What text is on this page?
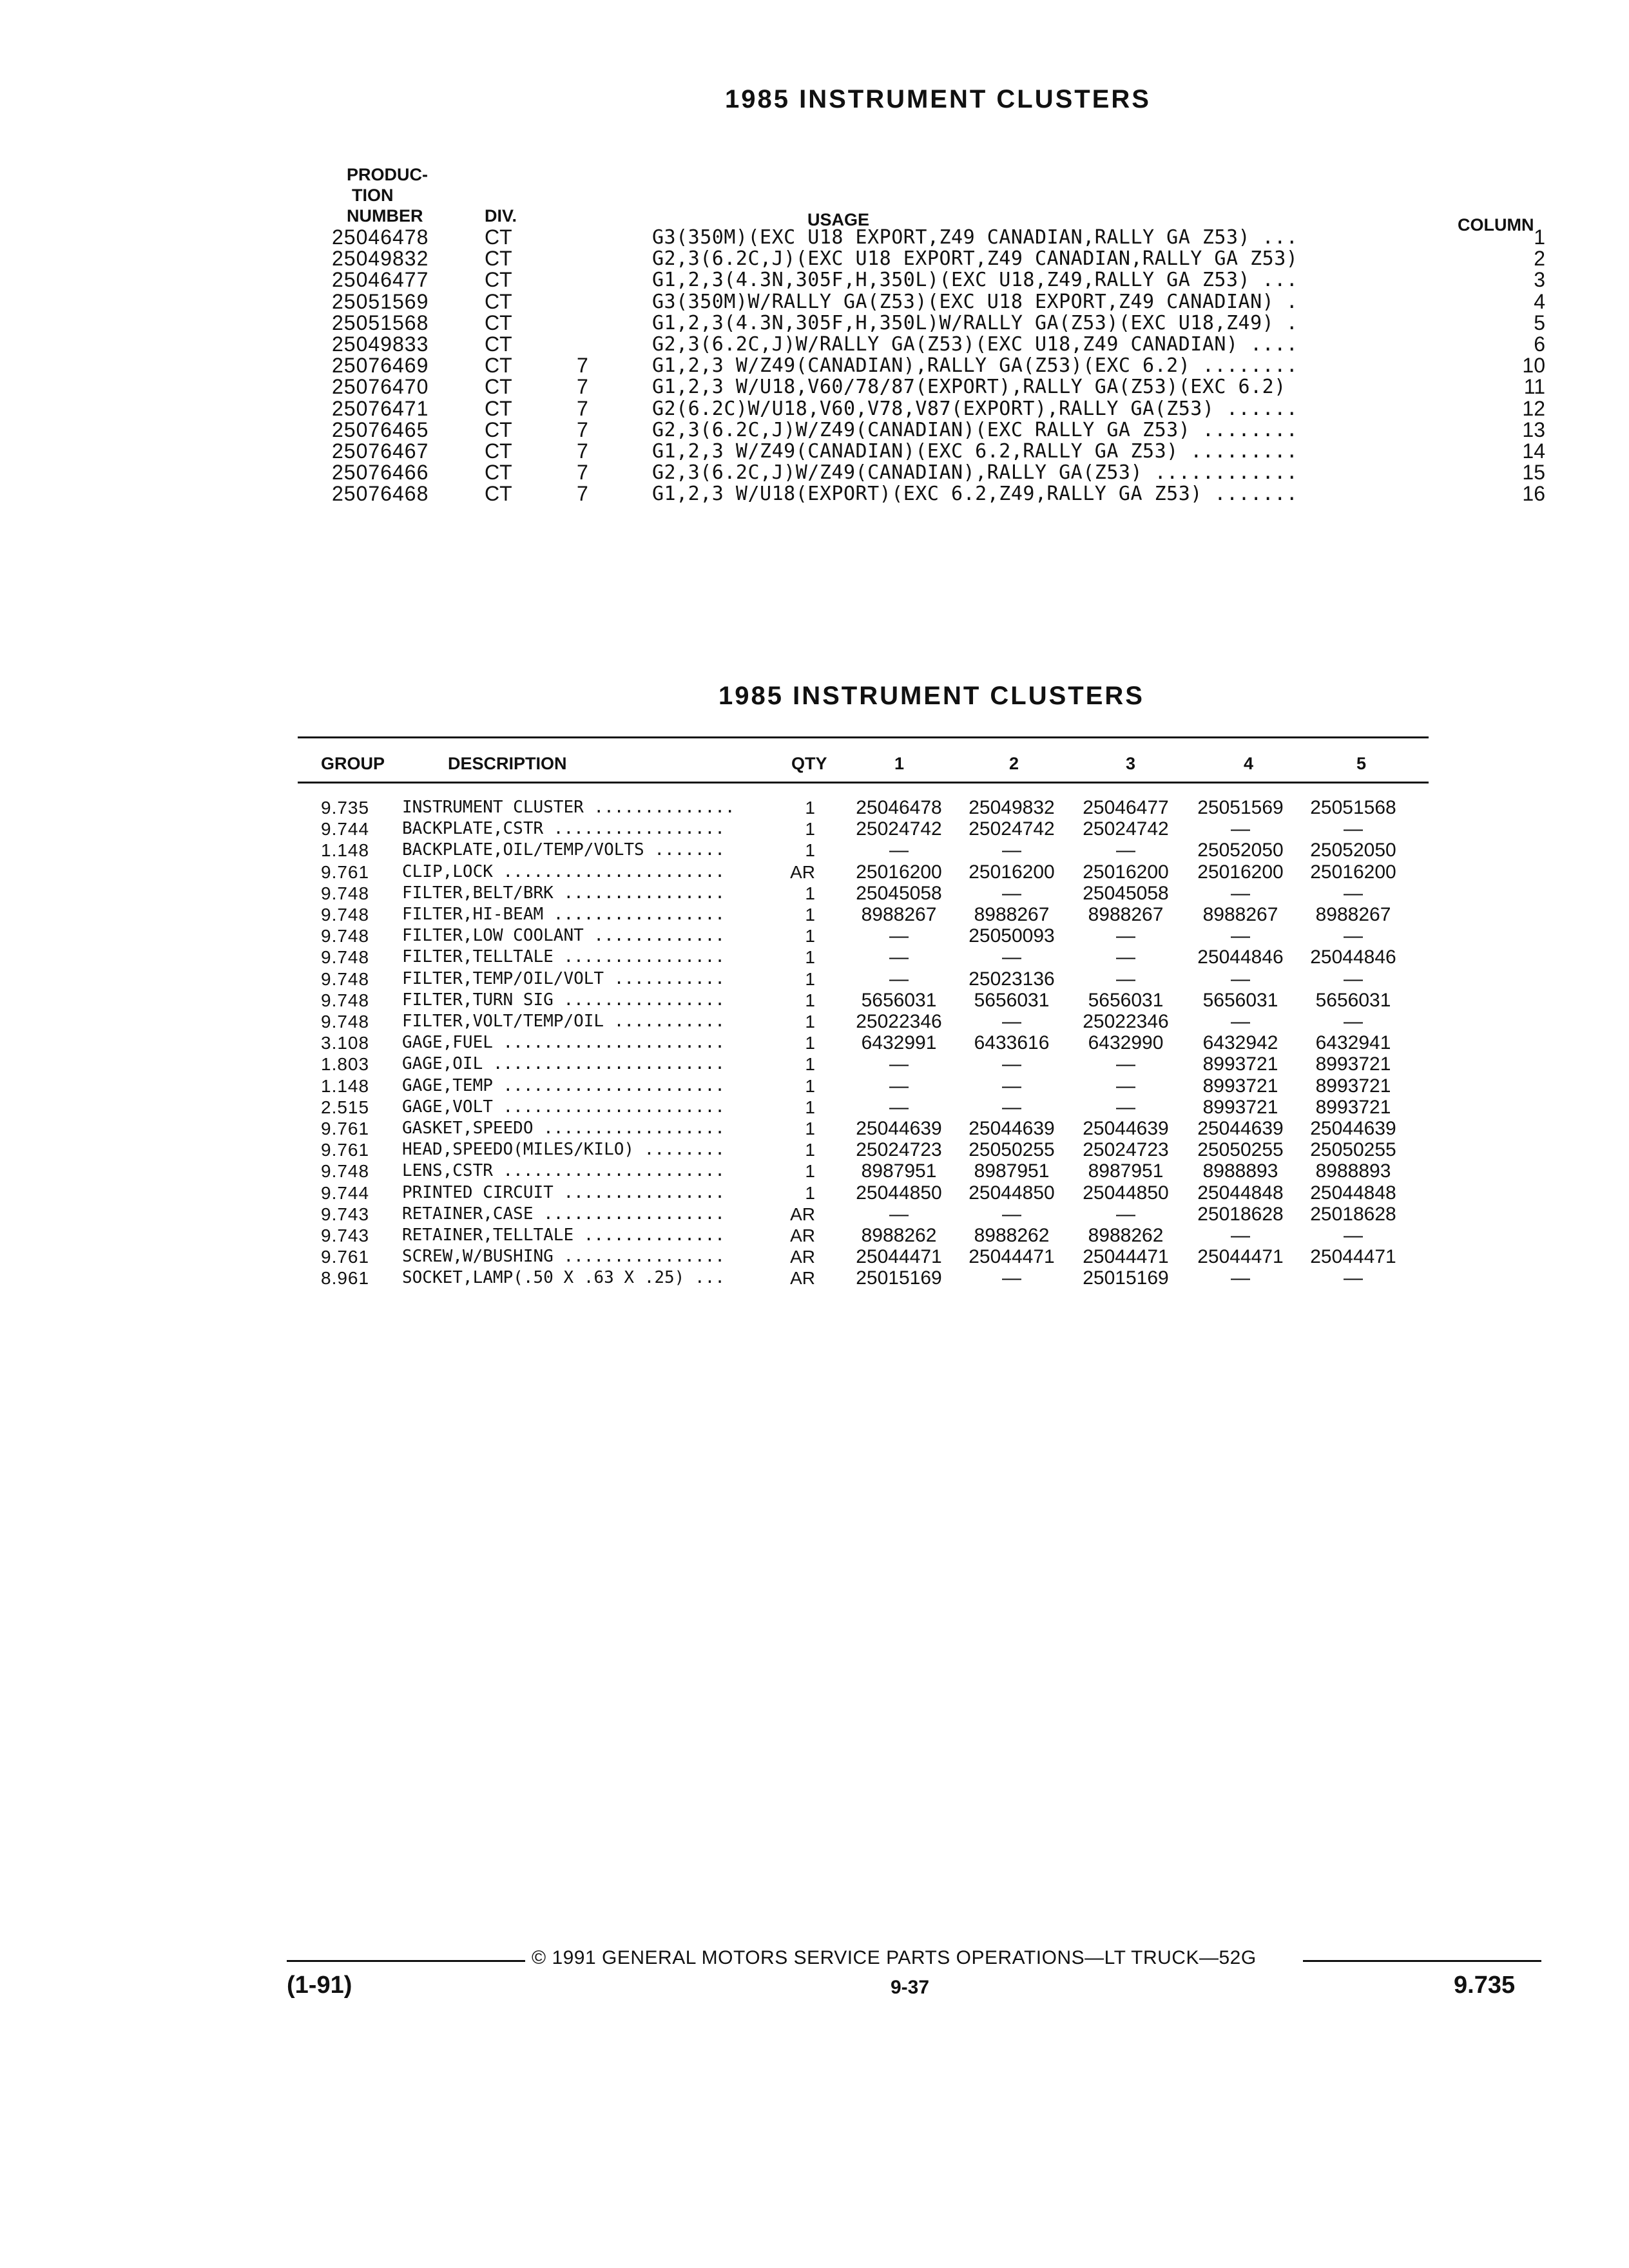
1985 INSTRUMENT CLUSTERS
PRODUC-
TION
NUMBER	DIV.	USAGE	COLUMN
25046478	CT	G3(350M)(EXC U18 EXPORT,Z49 CANADIAN,RALLY GA Z53) ...	1
25049832	CT	G2,3(6.2C,J)(EXC U18 EXPORT,Z49 CANADIAN,RALLY GA Z53)	2
25046477	CT	G1,2,3(4.3N,305F,H,350L)(EXC U18,Z49,RALLY GA Z53) ...	3
25051569	CT	G3(350M)W/RALLY GA(Z53)(EXC U18 EXPORT,Z49 CANADIAN) .	4
25051568	CT	G1,2,3(4.3N,305F,H,350L)W/RALLY GA(Z53)(EXC U18,Z49) .	5
25049833	CT	G2,3(6.2C,J)W/RALLY GA(Z53)(EXC U18,Z49 CANADIAN) ....	6
25076469	CT	7	G1,2,3 W/Z49(CANADIAN),RALLY GA(Z53)(EXC 6.2) ........	10
25076470	CT	7	G1,2,3 W/U18,V60/78/87(EXPORT),RALLY GA(Z53)(EXC 6.2)	11
25076471	CT	7	G2(6.2C)W/U18,V60,V78,V87(EXPORT),RALLY GA(Z53) ......	12
25076465	CT	7	G2,3(6.2C,J)W/Z49(CANADIAN)(EXC RALLY GA Z53) ........	13
25076467	CT	7	G1,2,3 W/Z49(CANADIAN)(EXC 6.2,RALLY GA Z53) .........	14
25076466	CT	7	G2,3(6.2C,J)W/Z49(CANADIAN),RALLY GA(Z53) ............	15
25076468	CT	7	G1,2,3 W/U18(EXPORT)(EXC 6.2,Z49,RALLY GA Z53) .......	16
1985 INSTRUMENT CLUSTERS
GROUP	DESCRIPTION	QTY	1	2	3	4	5
9.735 INSTRUMENT CLUSTER ..............	1	25046478	25049832	25046477	25051569	25051568
9.744 BACKPLATE,CSTR .................	1	25024742	25024742	25024742	—	—
1.148 BACKPLATE,OIL/TEMP/VOLTS .......	1	—	—	—	25052050	25052050
9.761 CLIP,LOCK ......................	AR	25016200	25016200	25016200	25016200	25016200
9.748 FILTER,BELT/BRK ................	1	25045058	—	25045058	—	—
9.748 FILTER,HI-BEAM .................	1	8988267	8988267	8988267	8988267	8988267
9.748 FILTER,LOW COOLANT .............	1	—	25050093	—	—	—
9.748 FILTER,TELLTALE ................	1	—	—	—	25044846	25044846
9.748 FILTER,TEMP/OIL/VOLT ...........	1	—	25023136	—	—	—
9.748 FILTER,TURN SIG ................	1	5656031	5656031	5656031	5656031	5656031
9.748 FILTER,VOLT/TEMP/OIL ...........	1	25022346	—	25022346	—	—
3.108 GAGE,FUEL ......................	1	6432991	6433616	6432990	6432942	6432941
1.803 GAGE,OIL .......................	1	—	—	—	8993721	8993721
1.148 GAGE,TEMP ......................	1	—	—	—	8993721	8993721
2.515 GAGE,VOLT ......................	1	—	—	—	8993721	8993721
9.761 GASKET,SPEEDO ..................	1	25044639	25044639	25044639	25044639	25044639
9.761 HEAD,SPEEDO(MILES/KILO) ........	1	25024723	25050255	25024723	25050255	25050255
9.748 LENS,CSTR ......................	1	8987951	8987951	8987951	8988893	8988893
9.744 PRINTED CIRCUIT ................	1	25044850	25044850	25044850	25044848	25044848
9.743 RETAINER,CASE ..................	AR	—	—	—	25018628	25018628
9.743 RETAINER,TELLTALE ..............	AR	8988262	8988262	8988262	—	—
9.761 SCREW,W/BUSHING ................	AR	25044471	25044471	25044471	25044471	25044471
8.961 SOCKET,LAMP(.50 X .63 X .25) ...	AR	25015169	—	25015169	—	—
© 1991 GENERAL MOTORS SERVICE PARTS OPERATIONS—LT TRUCK—52G
(1-91)	9-37	9.735
